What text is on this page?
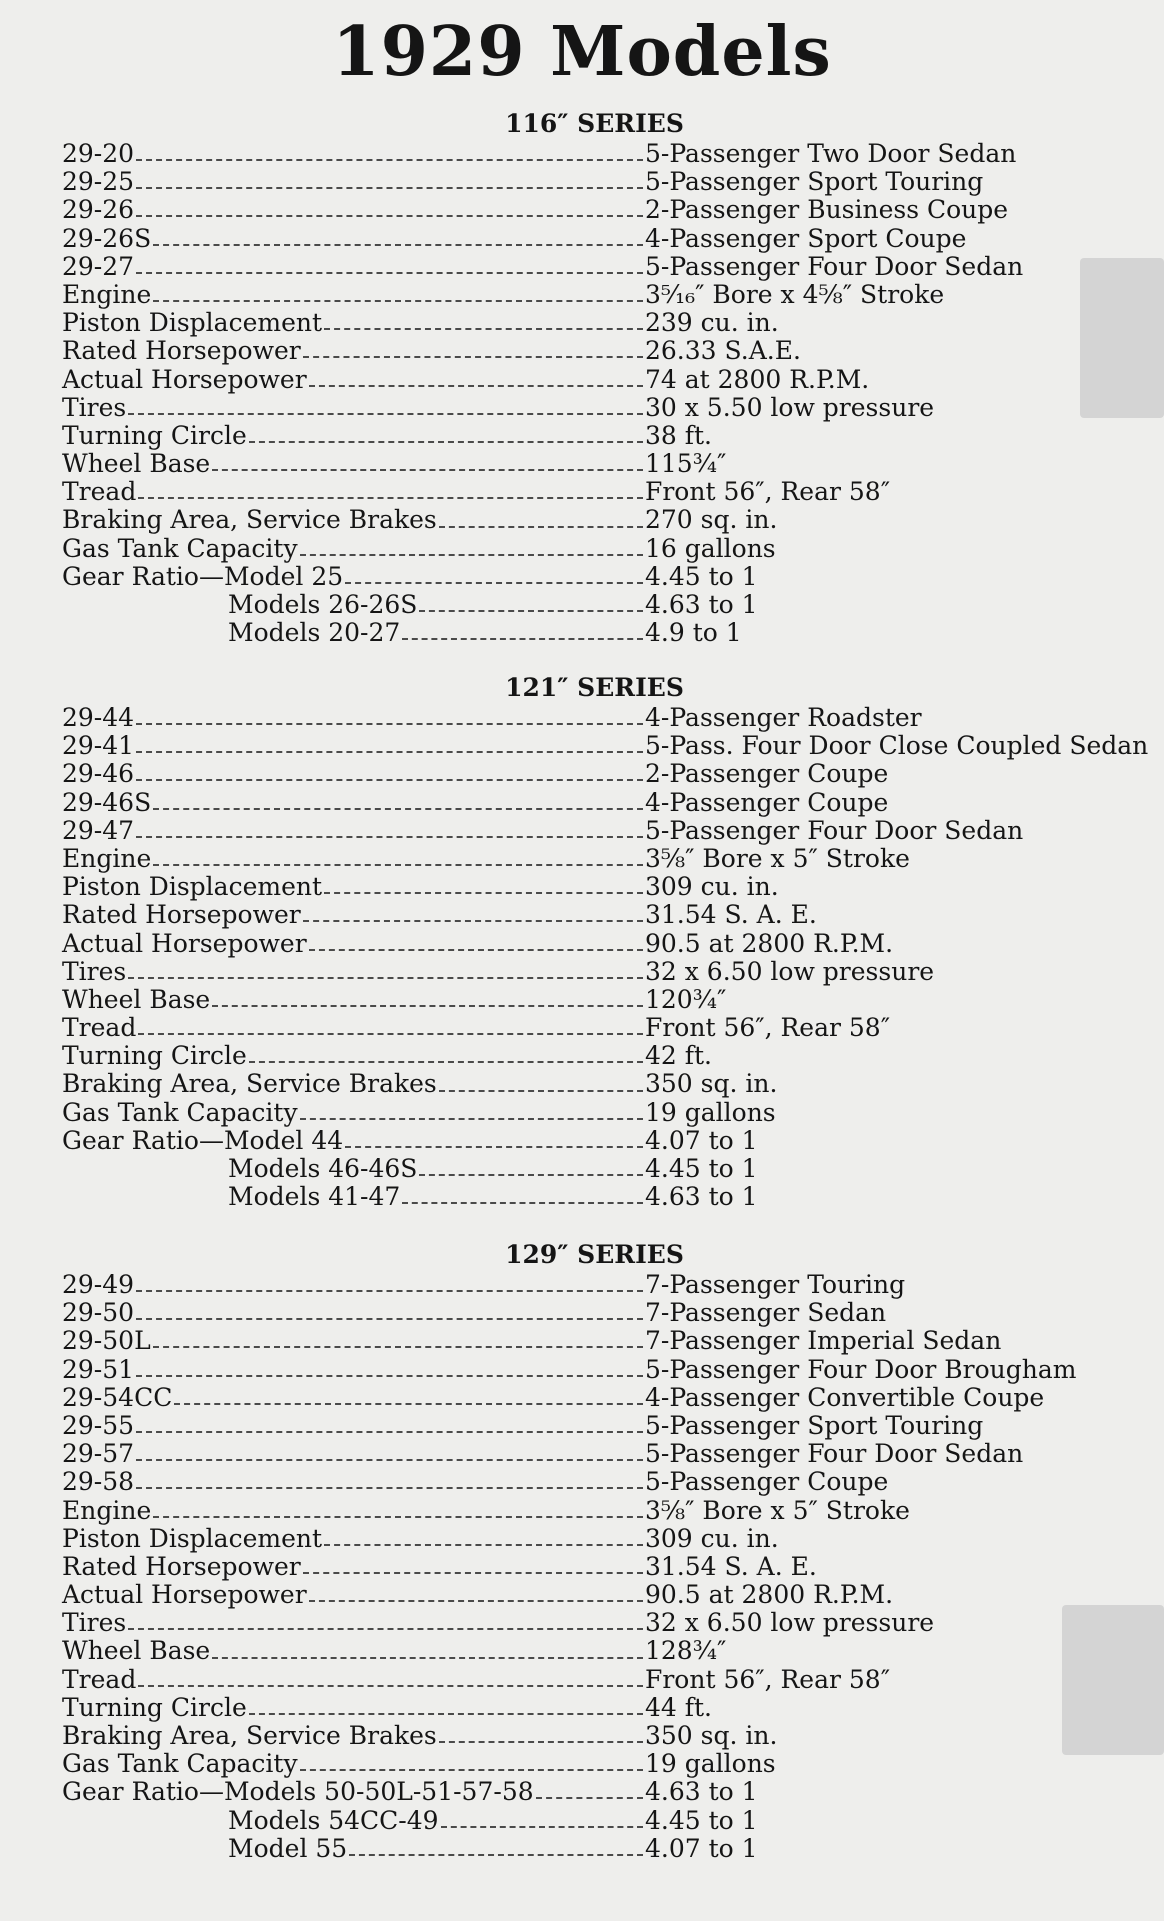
1929 Models
116″ SERIES
29-20	5-Passenger Two Door Sedan
29-25	5-Passenger Sport Touring
29-26	2-Passenger Business Coupe
29-26S	4-Passenger Sport Coupe
29-27	5-Passenger Four Door Sedan
Engine	3⁵⁄₁₆″ Bore x 4⅝″ Stroke
Piston Displacement	239 cu. in.
Rated Horsepower	26.33 S.A.E.
Actual Horsepower	74 at 2800 R.P.M.
Tires	30 x 5.50 low pressure
Turning Circle	38 ft.
Wheel Base	115¾″
Tread	Front 56″, Rear 58″
Braking Area, Service Brakes	270 sq. in.
Gas Tank Capacity	16 gallons
Gear Ratio—Model 25	4.45 to 1
Models 26-26S	4.63 to 1
Models 20-27	4.9 to 1
121″ SERIES
29-44	4-Passenger Roadster
29-41	5-Pass. Four Door Close Coupled Sedan
29-46	2-Passenger Coupe
29-46S	4-Passenger Coupe
29-47	5-Passenger Four Door Sedan
Engine	3⅝″ Bore x 5″ Stroke
Piston Displacement	309 cu. in.
Rated Horsepower	31.54 S. A. E.
Actual Horsepower	90.5 at 2800 R.P.M.
Tires	32 x 6.50 low pressure
Wheel Base	120¾″
Tread	Front 56″, Rear 58″
Turning Circle	42 ft.
Braking Area, Service Brakes	350 sq. in.
Gas Tank Capacity	19 gallons
Gear Ratio—Model 44	4.07 to 1
Models 46-46S	4.45 to 1
Models 41-47	4.63 to 1
129″ SERIES
29-49	7-Passenger Touring
29-50	7-Passenger Sedan
29-50L	7-Passenger Imperial Sedan
29-51	5-Passenger Four Door Brougham
29-54CC	4-Passenger Convertible Coupe
29-55	5-Passenger Sport Touring
29-57	5-Passenger Four Door Sedan
29-58	5-Passenger Coupe
Engine	3⅝″ Bore x 5″ Stroke
Piston Displacement	309 cu. in.
Rated Horsepower	31.54 S. A. E.
Actual Horsepower	90.5 at 2800 R.P.M.
Tires	32 x 6.50 low pressure
Wheel Base	128¾″
Tread	Front 56″, Rear 58″
Turning Circle	44 ft.
Braking Area, Service Brakes	350 sq. in.
Gas Tank Capacity	19 gallons
Gear Ratio—Models 50-50L-51-57-58	4.63 to 1
Models 54CC-49	4.45 to 1
Model 55	4.07 to 1
